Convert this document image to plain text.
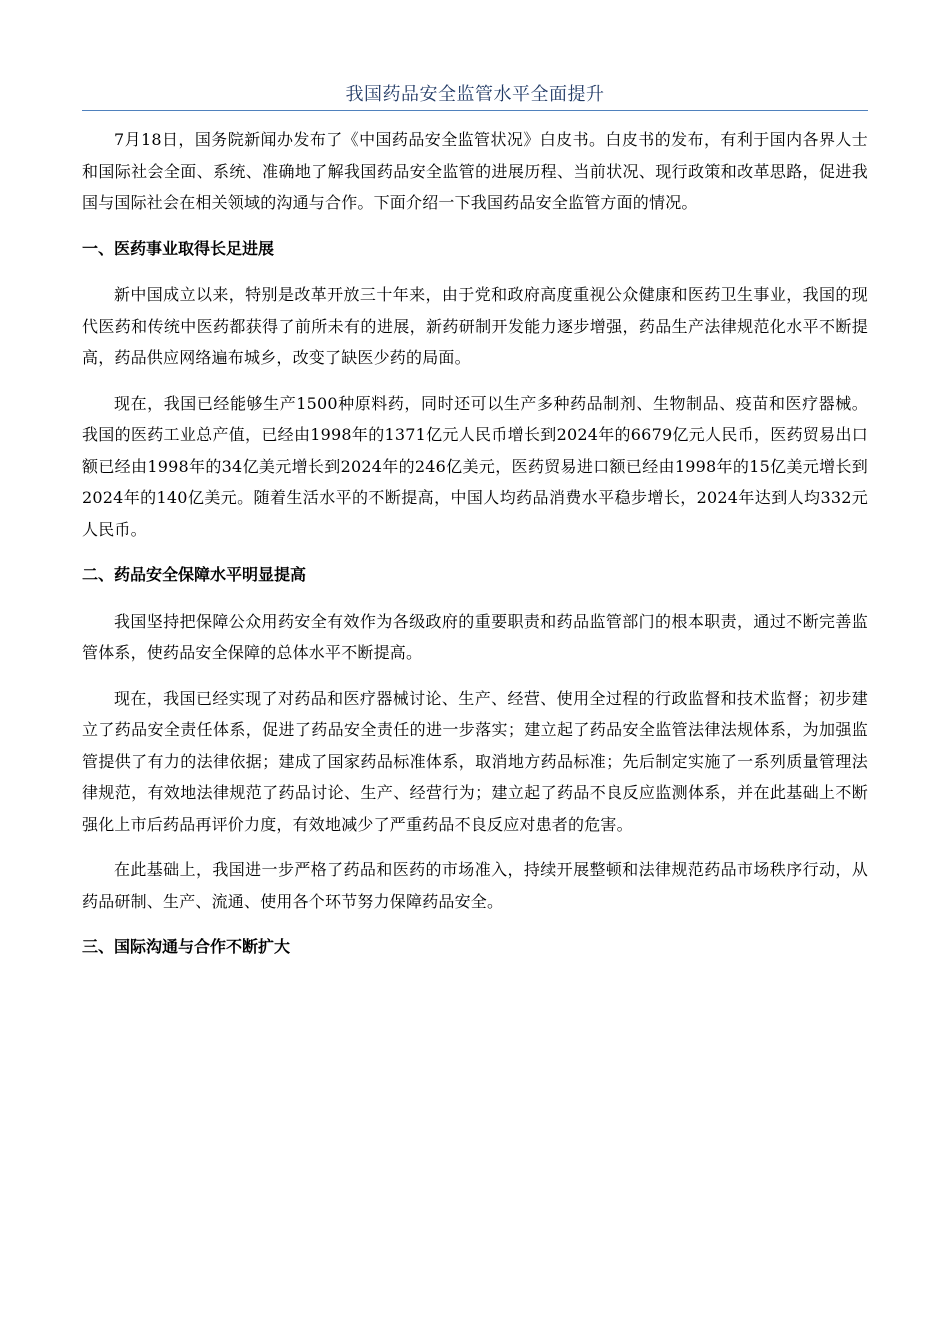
我国药品安全监管水平全面提升

7月18日，国务院新闻办发布了《中国药品安全监管状况》白皮书。白皮书的发布，有利于国内各界人士和国际社会全面、系统、准确地了解我国药品安全监管的进展历程、当前状况、现行政策和改革思路，促进我国与国际社会在相关领域的沟通与合作。下面介绍一下我国药品安全监管方面的情况。

一、医药事业取得长足进展

新中国成立以来，特别是改革开放三十年来，由于党和政府高度重视公众健康和医药卫生事业，我国的现代医药和传统中医药都获得了前所未有的进展，新药研制开发能力逐步增强，药品生产法律规范化水平不断提高，药品供应网络遍布城乡，改变了缺医少药的局面。

现在，我国已经能够生产1500种原料药，同时还可以生产多种药品制剂、生物制品、疫苗和医疗器械。我国的医药工业总产值，已经由1998年的1371亿元人民币增长到2024年的6679亿元人民币，医药贸易出口额已经由1998年的34亿美元增长到2024年的246亿美元，医药贸易进口额已经由1998年的15亿美元增长到2024年的140亿美元。随着生活水平的不断提高，中国人均药品消费水平稳步增长，2024年达到人均332元人民币。

二、药品安全保障水平明显提高

我国坚持把保障公众用药安全有效作为各级政府的重要职责和药品监管部门的根本职责，通过不断完善监管体系，使药品安全保障的总体水平不断提高。

现在，我国已经实现了对药品和医疗器械讨论、生产、经营、使用全过程的行政监督和技术监督；初步建立了药品安全责任体系，促进了药品安全责任的进一步落实；建立起了药品安全监管法律法规体系，为加强监管提供了有力的法律依据；建成了国家药品标准体系，取消地方药品标准；先后制定实施了一系列质量管理法律规范，有效地法律规范了药品讨论、生产、经营行为；建立起了药品不良反应监测体系，并在此基础上不断强化上市后药品再评价力度，有效地减少了严重药品不良反应对患者的危害。

在此基础上，我国进一步严格了药品和医药的市场准入，持续开展整顿和法律规范药品市场秩序行动，从药品研制、生产、流通、使用各个环节努力保障药品安全。

三、国际沟通与合作不断扩大
